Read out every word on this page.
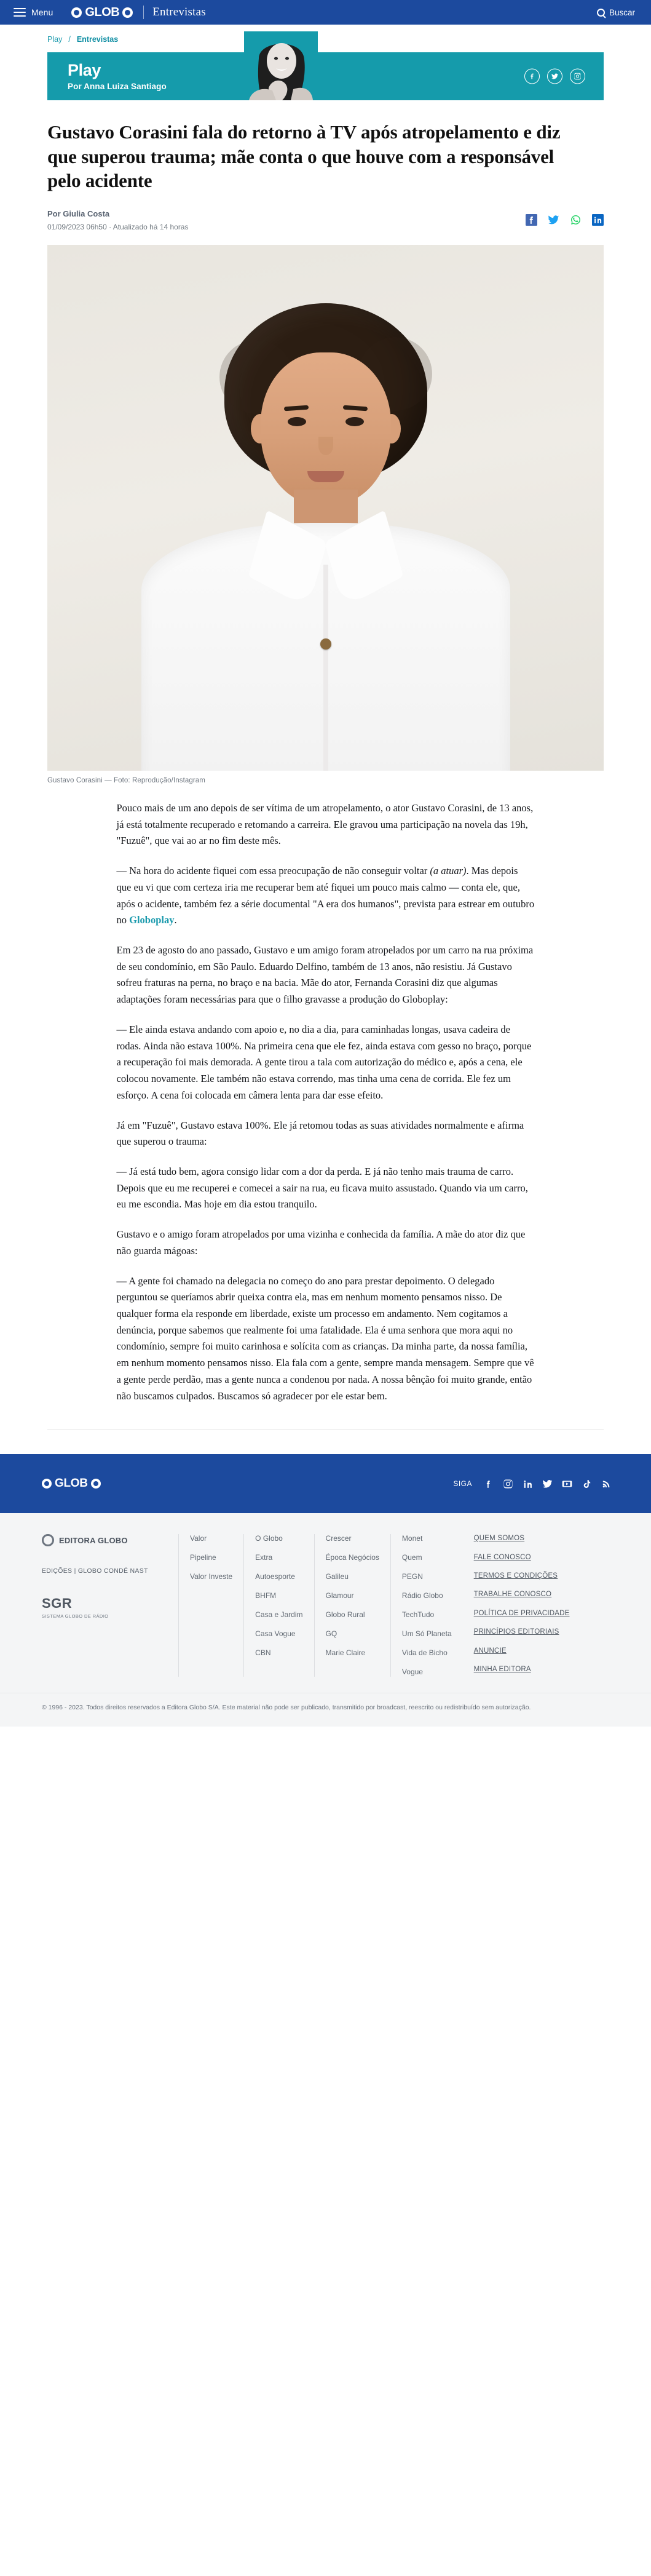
Menu	GLOB	Entrevistas	Buscar
Play / Entrevistas
Play
Por Anna Luiza Santiago
Gustavo Corasini fala do retorno à TV após atropelamento e diz que superou trauma; mãe conta o que houve com a responsável pelo acidente
Por Giulia Costa
01/09/2023 06h50 · Atualizado há 14 horas
Gustavo Corasini — Foto: Reprodução/Instagram

Pouco mais de um ano depois de ser vítima de um atropelamento, o ator Gustavo Corasini, de 13 anos, já está totalmente recuperado e retomando a carreira. Ele gravou uma participação na novela das 19h, "Fuzuê", que vai ao ar no fim deste mês.

— Na hora do acidente fiquei com essa preocupação de não conseguir voltar (a atuar). Mas depois que eu vi que com certeza iria me recuperar bem até fiquei um pouco mais calmo — conta ele, que, após o acidente, também fez a série documental "A era dos humanos", prevista para estrear em outubro no Globoplay.

Em 23 de agosto do ano passado, Gustavo e um amigo foram atropelados por um carro na rua próxima de seu condomínio, em São Paulo. Eduardo Delfino, também de 13 anos, não resistiu. Já Gustavo sofreu fraturas na perna, no braço e na bacia. Mãe do ator, Fernanda Corasini diz que algumas adaptações foram necessárias para que o filho gravasse a produção do Globoplay:

— Ele ainda estava andando com apoio e, no dia a dia, para caminhadas longas, usava cadeira de rodas. Ainda não estava 100%. Na primeira cena que ele fez, ainda estava com gesso no braço, porque a recuperação foi mais demorada. A gente tirou a tala com autorização do médico e, após a cena, ele colocou novamente. Ele também não estava correndo, mas tinha uma cena de corrida. Ele fez um esforço. A cena foi colocada em câmera lenta para dar esse efeito.

Já em "Fuzuê", Gustavo estava 100%. Ele já retomou todas as suas atividades normalmente e afirma que superou o trauma:

— Já está tudo bem, agora consigo lidar com a dor da perda. E já não tenho mais trauma de carro. Depois que eu me recuperei e comecei a sair na rua, eu ficava muito assustado. Quando via um carro, eu me escondia. Mas hoje em dia estou tranquilo.

Gustavo e o amigo foram atropelados por uma vizinha e conhecida da família. A mãe do ator diz que não guarda mágoas:

— A gente foi chamado na delegacia no começo do ano para prestar depoimento. O delegado perguntou se queríamos abrir queixa contra ela, mas em nenhum momento pensamos nisso. De qualquer forma ela responde em liberdade, existe um processo em andamento. Nem cogitamos a denúncia, porque sabemos que realmente foi uma fatalidade. Ela é uma senhora que mora aqui no condomínio, sempre foi muito carinhosa e solícita com as crianças. Da minha parte, da nossa família, em nenhum momento pensamos nisso. Ela fala com a gente, sempre manda mensagem. Sempre que vê a gente perde perdão, mas a gente nunca a condenou por nada. A nossa bênção foi muito grande, então não buscamos culpados. Buscamos só agradecer por ele estar bem.

GLOB	SIGA
EDITORA GLOBO
EDIÇÕES | GLOBO CONDÉ NAST
SGR
SISTEMA GLOBO DE RÁDIO
Valor
Pipeline
Valor Investe
O Globo
Extra
Autoesporte
BHFM
Casa e Jardim
Casa Vogue
CBN
Crescer
Época Negócios
Galileu
Glamour
Globo Rural
GQ
Marie Claire
Monet
Quem
PEGN
Rádio Globo
TechTudo
Um Só Planeta
Vida de Bicho
Vogue
QUEM SOMOS
FALE CONOSCO
TERMOS E CONDIÇÕES
TRABALHE CONOSCO
POLÍTICA DE PRIVACIDADE
PRINCÍPIOS EDITORIAIS
ANUNCIE
MINHA EDITORA
© 1996 - 2023. Todos direitos reservados a Editora Globo S/A. Este material não pode ser publicado, transmitido por broadcast, reescrito ou redistribuído sem autorização.
